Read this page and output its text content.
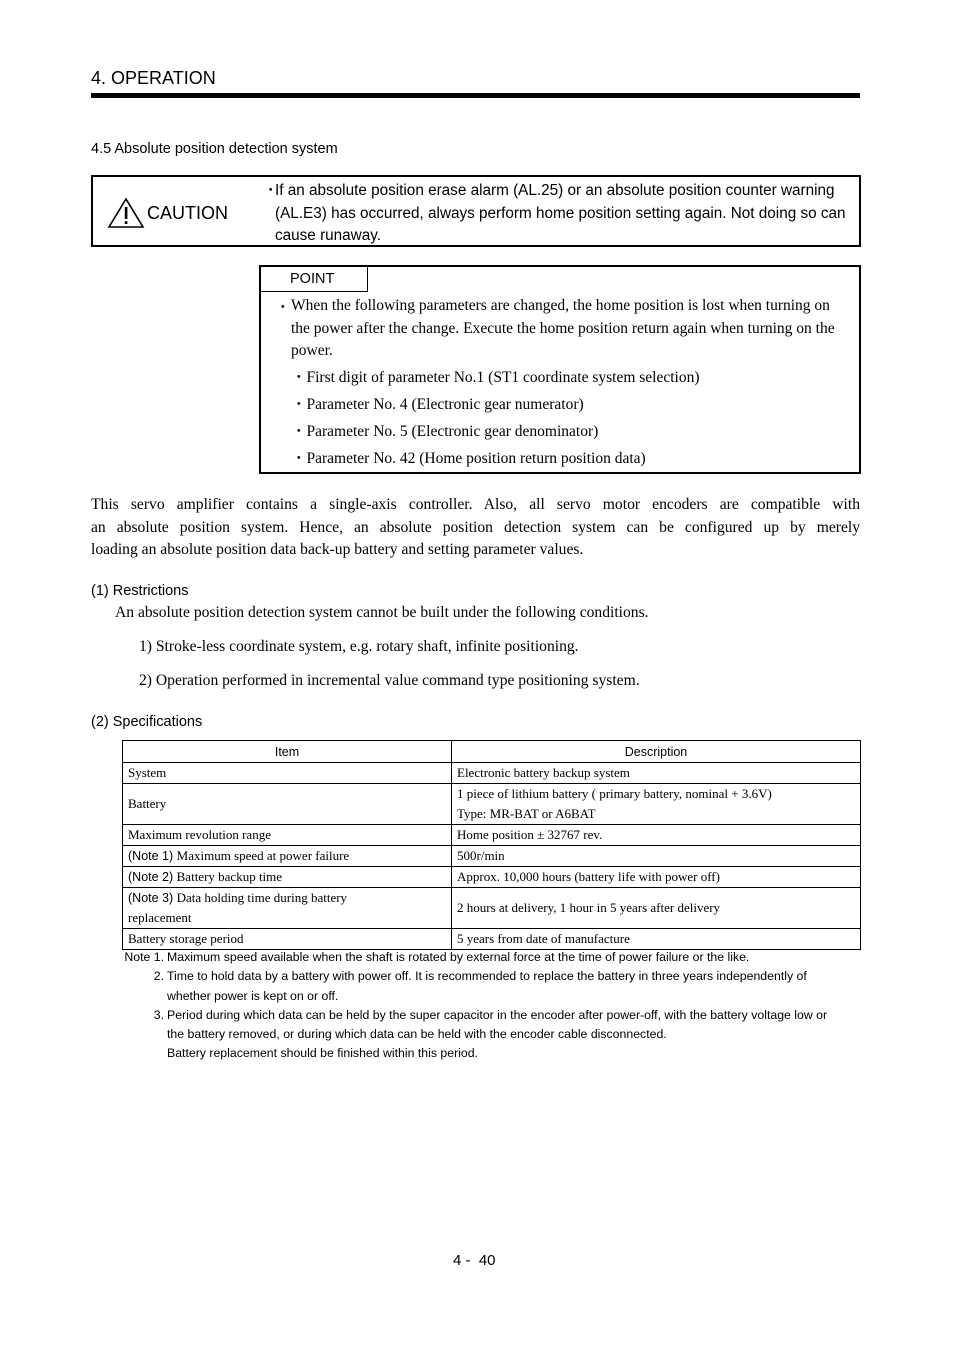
4. OPERATION
4.5 Absolute position detection system
CAUTION
・
If an absolute position erase alarm (AL.25) or an absolute position counter warning (AL.E3) has occurred, always perform home position setting again. Not doing so can cause runaway.
POINT
・ When the following parameters are changed, the home position is lost when turning on the power after the change. Execute the home position return again when turning on the power.
・First digit of parameter No.1 (ST1 coordinate system selection)
・Parameter No. 4 (Electronic gear numerator)
・Parameter No. 5 (Electronic gear denominator)
・Parameter No. 42 (Home position return position data)
This servo amplifier contains a single-axis controller. Also, all servo motor encoders are compatible with
an absolute position system. Hence, an absolute position detection system can be configured up by merely
loading an absolute position data back-up battery and setting parameter values.
(1) Restrictions
An absolute position detection system cannot be built under the following conditions.
1) Stroke-less coordinate system, e.g. rotary shaft, infinite positioning.
2) Operation performed in incremental value command type positioning system.
(2) Specifications
Item	Description

System	Electronic battery backup system

Battery	1 piece of lithium battery ( primary battery, nominal + 3.6V)
Type: MR-BAT or A6BAT

Maximum revolution range	Home position ± 32767 rev.

(Note 1) Maximum speed at power failure	500r/min

(Note 2) Battery backup time	Approx. 10,000 hours (battery life with power off)

(Note 3) Data holding time during battery
replacement	2 hours at delivery, 1 hour in 5 years after delivery

Battery storage period	5 years from date of manufacture
Note 1. Maximum speed available when the shaft is rotated by external force at the time of power failure or the like.
2. Time to hold data by a battery with power off. It is recommended to replace the battery in three years independently of
whether power is kept on or off.
3. Period during which data can be held by the super capacitor in the encoder after power-off, with the battery voltage low or
the battery removed, or during which data can be held with the encoder cable disconnected.
Battery replacement should be finished within this period.
4 -  40
